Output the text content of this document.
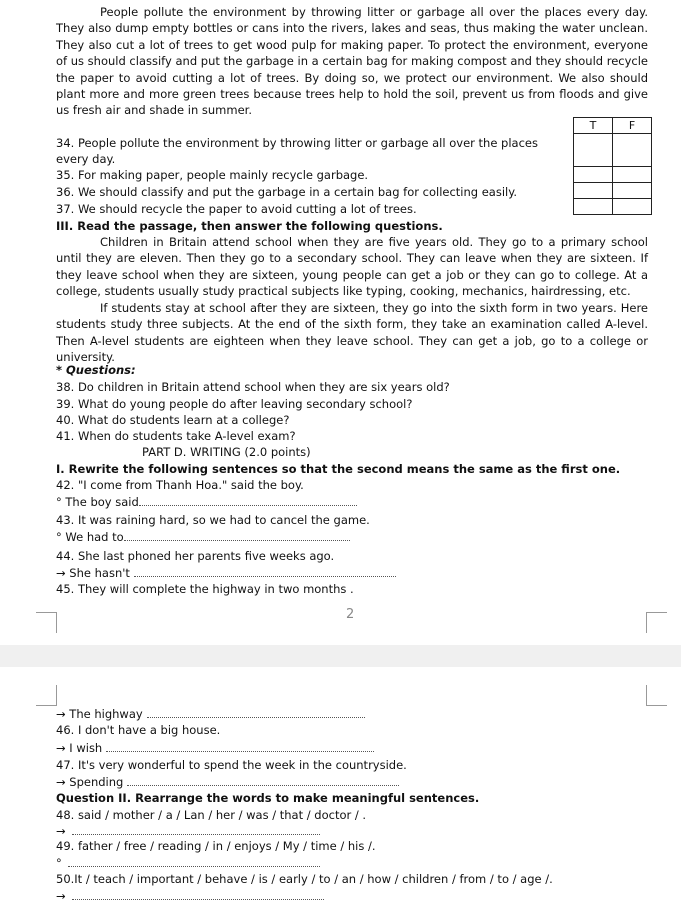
People pollute the environment by throwing litter or garbage all over the places every day. They also dump empty bottles or cans into the rivers, lakes and seas, thus making the water unclean. They also cut a lot of trees to get wood pulp for making paper. To protect the environment, everyone of us should classify and put the garbage in a certain bag for making compost and they should recycle the paper to avoid cutting a lot of trees. By doing so, we protect our environment. We also should plant more and more green trees because trees help to hold the soil, prevent us from floods and give us fresh air and shade in summer.

34. People pollute the environment by throwing litter or garbage all over the places every day.

35. For making paper, people mainly recycle garbage.
36. We should classify and put the garbage in a certain bag for collecting easily.
37. We should recycle the paper to avoid cutting a lot of trees.
T	F

III. Read the passage, then answer the following questions.

Children in Britain attend school when they are five years old. They go to a primary school until they are eleven. Then they go to a secondary school. They can leave when they are sixteen. If they leave school when they are sixteen, young people can get a job or they can go to college. At a college, students usually study practical subjects like typing, cooking, mechanics, hairdressing, etc.

If students stay at school after they are sixteen, they go into the sixth form in two years. Here students study three subjects. At the end of the sixth form, they take an examination called A-level. Then A-level students are eighteen when they leave school. They can get a job, go to a college or university.

* Questions:
38. Do children in Britain attend school when they are six years old?
39. What do young people do after leaving secondary school?
40. What do students learn at a college?
41. When do students take A-level exam?
PART D. WRITING (2.0 points)
I. Rewrite the following sentences so that the second means the same as the first one.
42. "I come from Thanh Hoa." said the boy.
° The boy said
43. It was raining hard, so we had to cancel the game.
° We had to
44. She last phoned her parents five weeks ago.
→ She hasn't
45. They will complete the highway in two months .
2
→ The highway
46. I don't have a big house.
→ I wish
47. It's very wonderful to spend the week in the countryside.
→ Spending
Question II. Rearrange the words to make meaningful sentences.
48. said / mother / a / Lan / her / was / that / doctor / .
→
49. father / free / reading / in / enjoys / My / time / his /.
°
50.It / teach / important / behave / is / early / to / an / how / children / from / to / age /.
→
